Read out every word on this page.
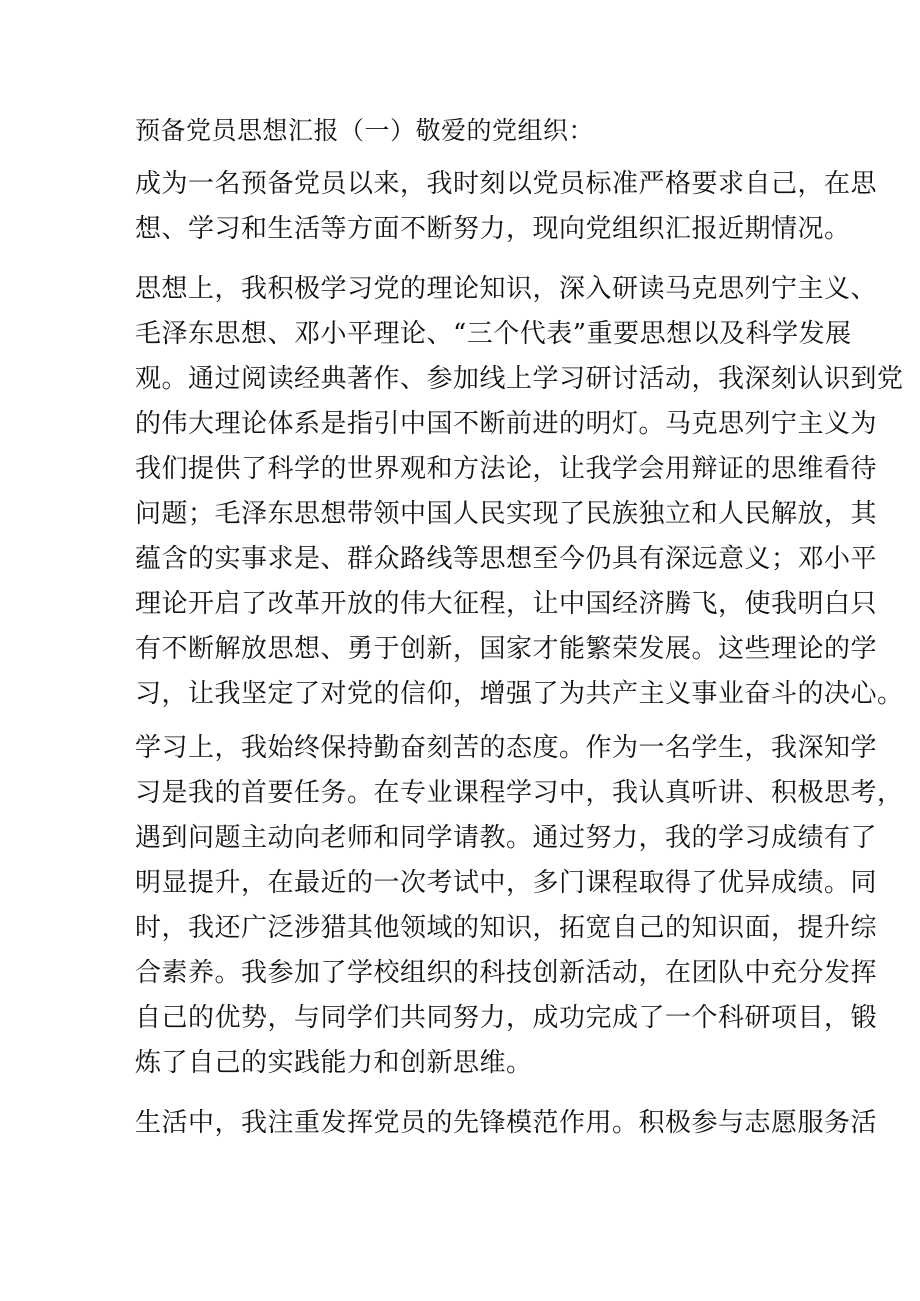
预备党员思想汇报（一）敬爱的党组织：
成为一名预备党员以来，我时刻以党员标准严格要求自己，在思
想、学习和生活等方面不断努力，现向党组织汇报近期情况。
思想上，我积极学习党的理论知识，深入研读马克思列宁主义、
毛泽东思想、邓小平理论、“三个代表”重要思想以及科学发展
观。通过阅读经典著作、参加线上学习研讨活动，我深刻认识到党
的伟大理论体系是指引中国不断前进的明灯。马克思列宁主义为
我们提供了科学的世界观和方法论，让我学会用辩证的思维看待
问题；毛泽东思想带领中国人民实现了民族独立和人民解放，其
蕴含的实事求是、群众路线等思想至今仍具有深远意义；邓小平
理论开启了改革开放的伟大征程，让中国经济腾飞，使我明白只
有不断解放思想、勇于创新，国家才能繁荣发展。这些理论的学
习，让我坚定了对党的信仰，增强了为共产主义事业奋斗的决心。
学习上，我始终保持勤奋刻苦的态度。作为一名学生，我深知学
习是我的首要任务。在专业课程学习中，我认真听讲、积极思考，
遇到问题主动向老师和同学请教。通过努力，我的学习成绩有了
明显提升，在最近的一次考试中，多门课程取得了优异成绩。同
时，我还广泛涉猎其他领域的知识，拓宽自己的知识面，提升综
合素养。我参加了学校组织的科技创新活动，在团队中充分发挥
自己的优势，与同学们共同努力，成功完成了一个科研项目，锻
炼了自己的实践能力和创新思维。
生活中，我注重发挥党员的先锋模范作用。积极参与志愿服务活
